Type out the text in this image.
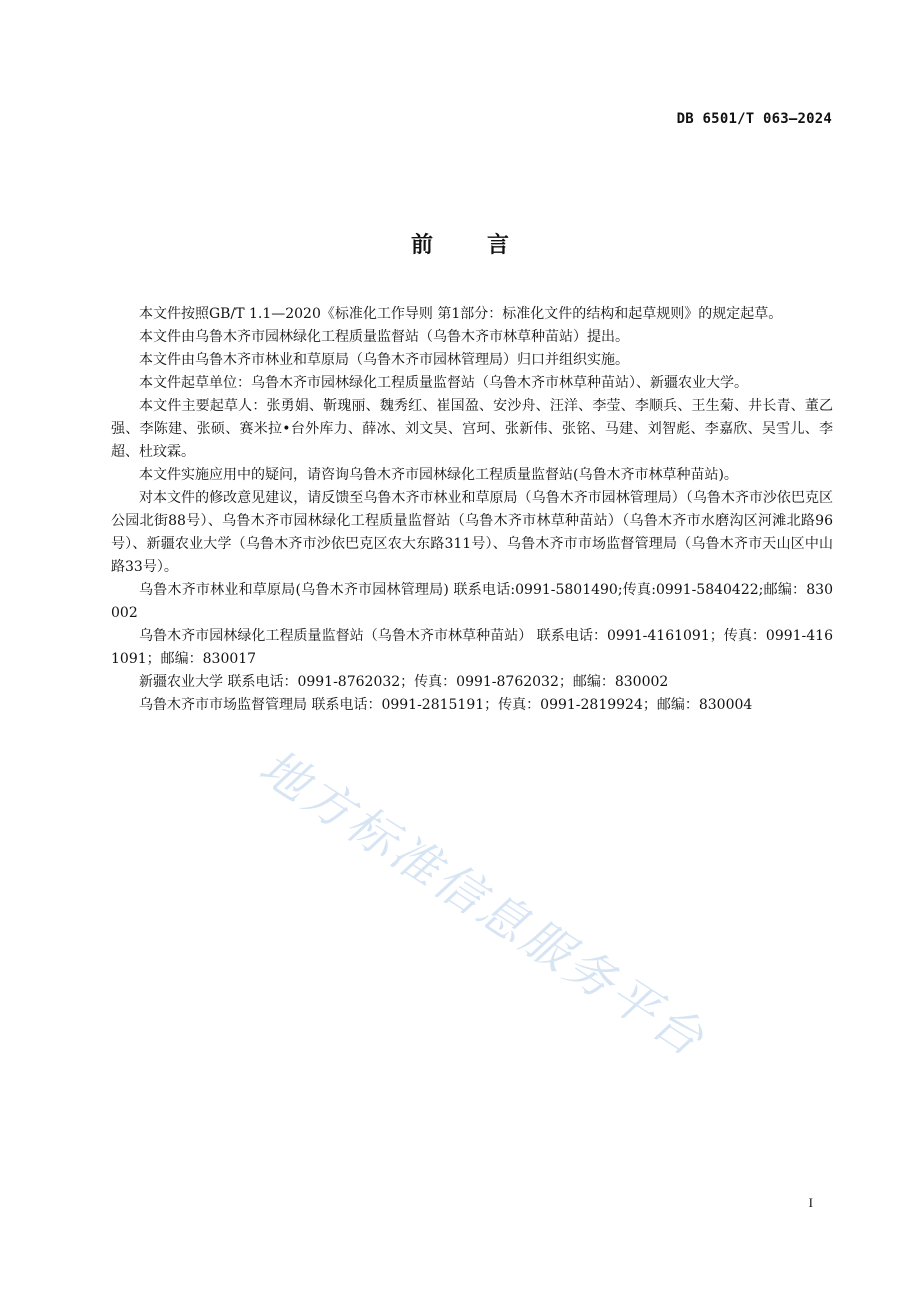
DB 6501/T 063—2024
前言

本文件按照GB/T 1.1—2020《标准化工作导则 第1部分：标准化文件的结构和起草规则》的规定起草。

本文件由乌鲁木齐市园林绿化工程质量监督站（乌鲁木齐市林草种苗站）提出。

本文件由乌鲁木齐市林业和草原局（乌鲁木齐市园林管理局）归口并组织实施。

本文件起草单位：乌鲁木齐市园林绿化工程质量监督站（乌鲁木齐市林草种苗站）、新疆农业大学。

本文件主要起草人：张勇娟、靳瑰丽、魏秀红、崔国盈、安沙舟、汪洋、李莹、李顺兵、王生菊、井长青、董乙强、李陈建、张硕、赛米拉•台外库力、薛冰、刘文昊、宫珂、张新伟、张铭、马建、刘智彪、李嘉欣、吴雪儿、李超、杜玟霖。

本文件实施应用中的疑问，请咨询乌鲁木齐市园林绿化工程质量监督站(乌鲁木齐市林草种苗站)。

对本文件的修改意见建议，请反馈至乌鲁木齐市林业和草原局（乌鲁木齐市园林管理局）（乌鲁木齐市沙依巴克区公园北街88号）、乌鲁木齐市园林绿化工程质量监督站（乌鲁木齐市林草种苗站）（乌鲁木齐市水磨沟区河滩北路96号）、新疆农业大学（乌鲁木齐市沙依巴克区农大东路311号）、乌鲁木齐市市场监督管理局（乌鲁木齐市天山区中山路33号）。

乌鲁木齐市林业和草原局(乌鲁木齐市园林管理局) 联系电话:0991-5801490;传真:0991-5840422;邮编：830002

乌鲁木齐市园林绿化工程质量监督站（乌鲁木齐市林草种苗站） 联系电话：0991-4161091；传真：0991-4161091；邮编：830017

新疆农业大学 联系电话：0991-8762032；传真：0991-8762032；邮编：830002

乌鲁木齐市市场监督管理局 联系电话：0991-2815191；传真：0991-2819924；邮编：830004

地方标准信息服务平台
I
